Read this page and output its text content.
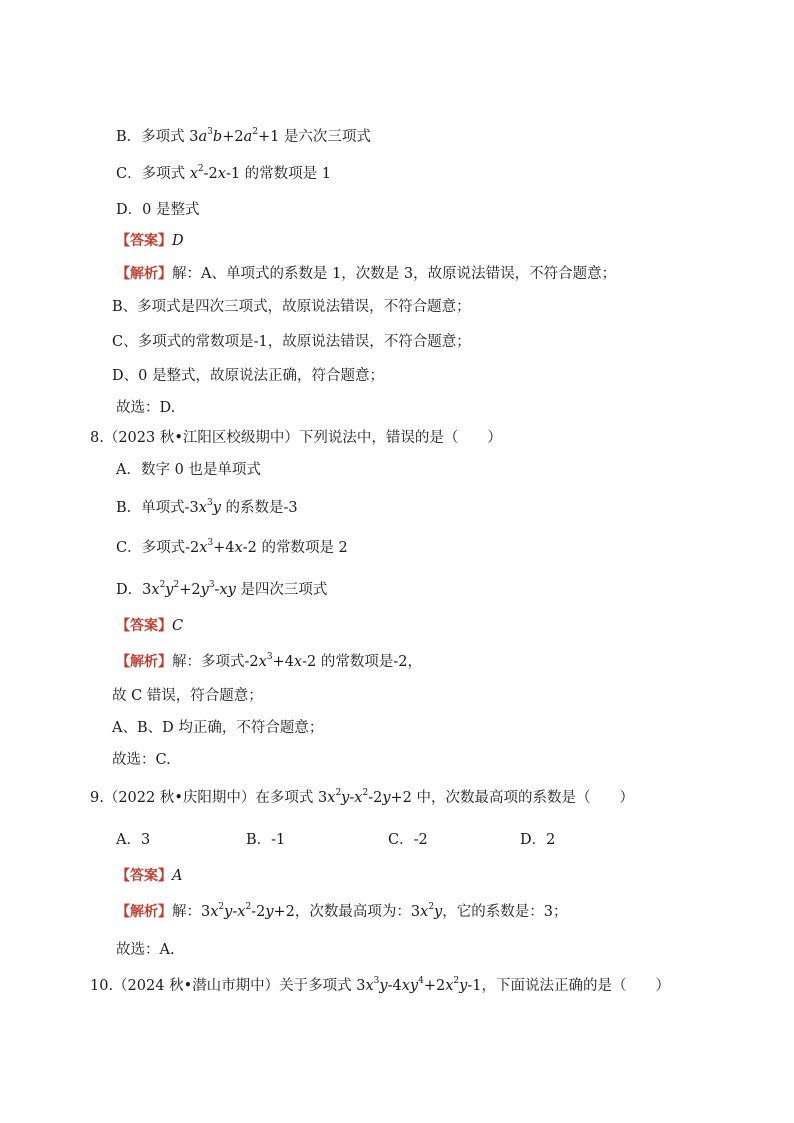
B．多项式 $3a^3b+2a^2+1$ 是六次三项式
C．多项式 $x^2-2x-1$ 的常数项是 1
D．0 是整式
【答案】D
【解析】解：A、单项式的系数是 1，次数是 3，故原说法错误，不符合题意；
B、多项式是四次三项式，故原说法错误，不符合题意；
C、多项式的常数项是-1，故原说法错误，不符合题意；
D、0 是整式，故原说法正确，符合题意；
故选：D.
8.（2023 秋•江阳区校级期中）下列说法中，错误的是（　　）
A．数字 0 也是单项式
B．单项式$-3x^3y$ 的系数是-3
C．多项式$-2x^3+4x-2$ 的常数项是 2
D．$3x^2y^2+2y^3-xy$ 是四次三项式
【答案】C
【解析】解：多项式$-2x^3+4x-2$ 的常数项是-2，
故 C 错误，符合题意；
A、B、D 均正确，不符合题意；
故选：C.
9.（2022 秋•庆阳期中）在多项式 $3x^2y-x^2-2y+2$ 中，次数最高项的系数是（　　）
A．3	B．-1	C．-2	D．2
【答案】A
【解析】解：$3x^2y-x^2-2y+2$，次数最高项为：$3x^2y$，它的系数是：3；
故选：A.
10.（2024 秋•潜山市期中）关于多项式 $3x^3y-4xy^4+2x^2y-1$，下面说法正确的是（　　）
